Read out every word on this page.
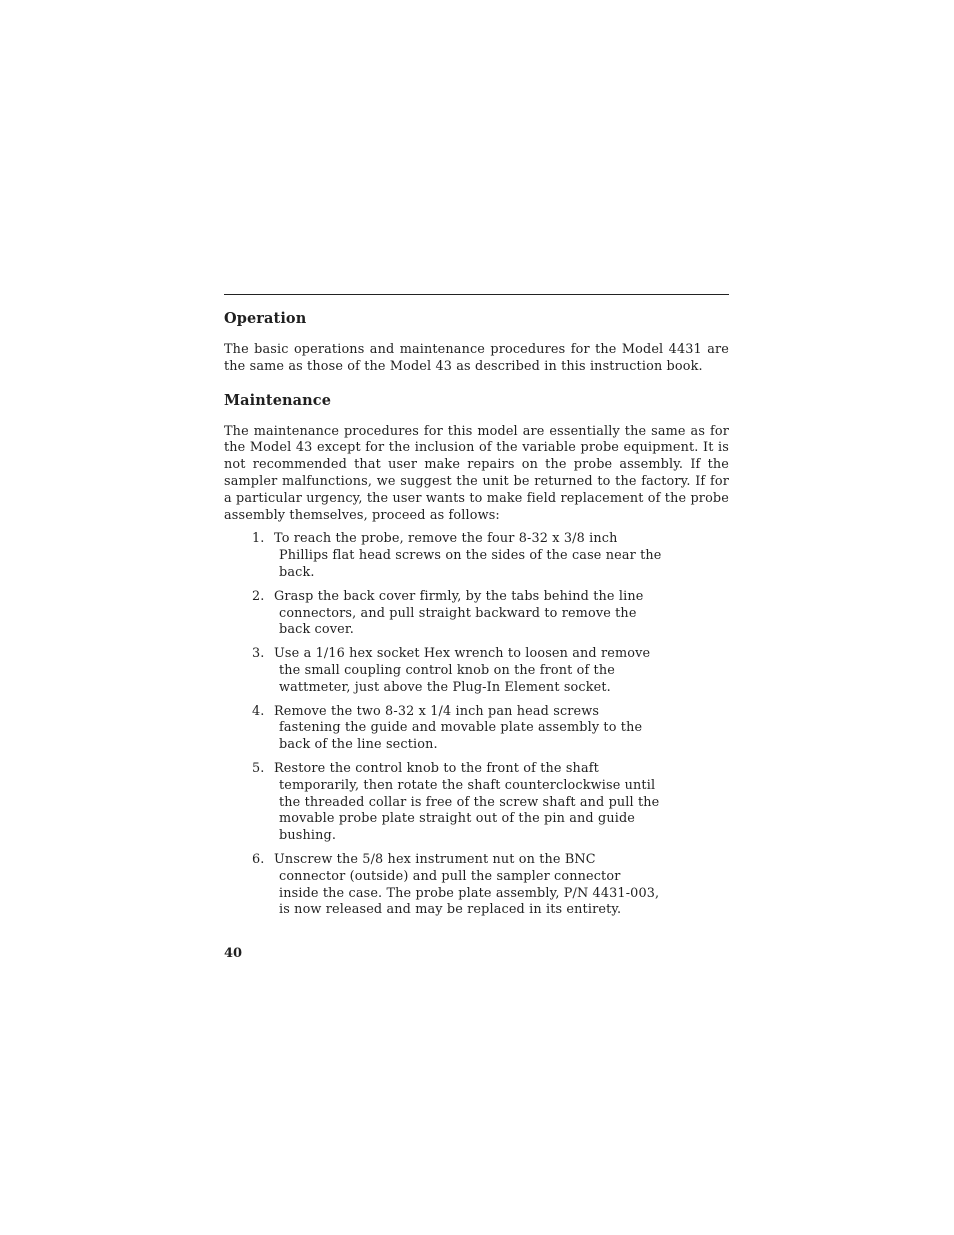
Operation

The basic operations and maintenance procedures for the Model 4431 are the same as those of the Model 43 as described in this instruction book.

Maintenance

The maintenance procedures for this model are essentially the same as for the Model 43 except for the inclusion of the variable probe equipment. It is not recommended that user make repairs on the probe assembly. If the sampler malfunctions, we suggest the unit be returned to the factory. If for a particular urgency, the user wants to make field replacement of the probe assembly themselves, proceed as follows:

1. To reach the probe, remove the four 8-32 x 3/8 inch Phillips flat head screws on the sides of the case near the back.
2. Grasp the back cover firmly, by the tabs behind the line connectors, and pull straight backward to remove the back cover.
3. Use a 1/16 hex socket Hex wrench to loosen and remove the small coupling control knob on the front of the wattmeter, just above the Plug-In Element socket.
4. Remove the two 8-32 x 1/4 inch pan head screws fastening the guide and movable plate assembly to the back of the line section.
5. Restore the control knob to the front of the shaft temporarily, then rotate the shaft counterclockwise until the threaded collar is free of the screw shaft and pull the movable probe plate straight out of the pin and guide bushing.
6. Unscrew the 5/8 hex instrument nut on the BNC connector (outside) and pull the sampler connector inside the case. The probe plate assembly, P/N 4431-003, is now released and may be replaced in its entirety.
40
